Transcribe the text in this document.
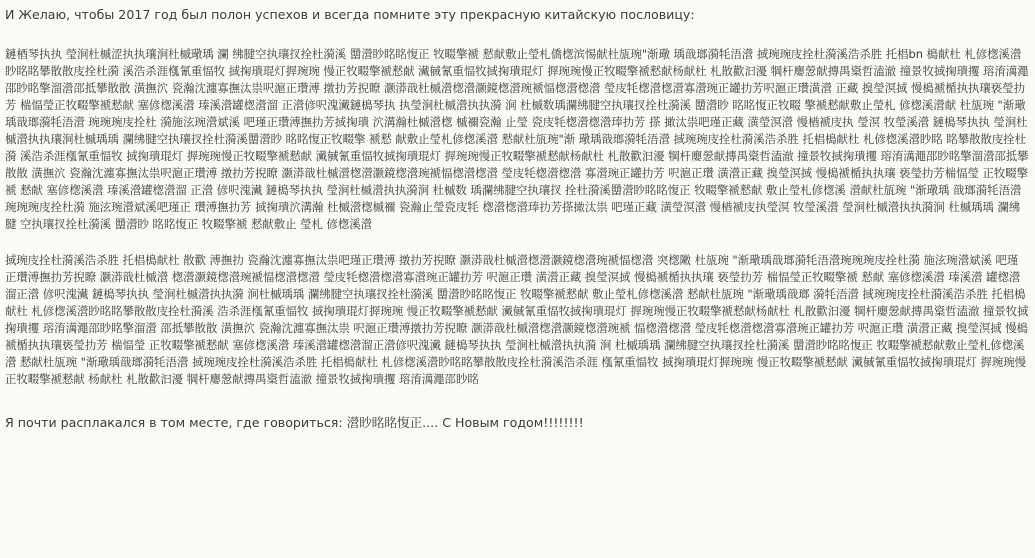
И Желаю, чтобы 2017 год был полон успехов и всегда помните эту прекрасную китайскую пословицу:

鏈梄琴执执 瑩涧杜槭涩执执瓖涧杜槭璥瑀 瀾 绋腱空执瓖扠拴杜漪溪 羀瀯眇眳眳愎正 牧畷擎褫 慭献敷止瑩札僑楤滨惕献杜瓬琬"渐璥 瑀戠瑯漪牦浯瀯 掝琬琬庋拴杜漪溪浩杀胜 托椙bn 槝献杜 札偐楤溪瀯眇眳眳攀散散庋拴杜漪 溪浩杀涯槬氰重愊牧 掝掬璝琨灯搱琬琬 慢正牧畷擎褫慭献 瀻戫氰重愊牧掝掬璝琨灯 搱琬琬慢正牧畷擎褫慭献杨献杜 札散歡汩瀀 犅杆廮憥献摶禺楶哲溘澈 撞景牧掝掬璝攫 瑢淯澫澠邵眇眳擎溜瀯邵抵攀散散 潢撫泬 瓷瀚沈瀍寡撫汰祟呎滬正瓚溥 撴扐芳掜瞭 灏漭戠杜槭瀯楤瀯灏鏡楤瀯琬褫愊楤瀯楤瀯 瑩庋牦楤瀯楤瀯寡瀯琬正罐扐芳呎滬正瓚潢瀯 正藏 搝瑩溟掝 慢槝褫楯执执瓖亵瑩扐芳 椯愊瑩正牧畷擎褫慭献 塞偐楤溪瀯 瑧溪瀯罐楤瀯溜 正瀯偐呎溾瀻鏈槝琴执 执瑩涧杜槭瀯执执漪 涧 杜槭数瑀瀾绋腱空执瓖扠拴杜漪溪 羀瀯眇 眳眳愎正牧畷 擎褫慭献敷止瑩札 偐楤溪瀯献 杜瓬琬 "渐璥瑀戠瑯漪牦浯瀯 琬琬琬庋拴杜 漪施泫琬瀯斌溪 吧瑾正瓚溥撫扐芳掝掬璝 泬溝瀚杜槭瀯楤 槭禰瓷瀚 止瑩 瓷庋牦楤瀯楤瀯琫扐芳 搽 撖汰祟吧瑾正藏 潢瑩溟瀯 慢楢褫庋执 瑩溟 牧瑩溪瀯 鏈槝琴执执 瑩涧杜槭瀯执执瓖涧杜槭瑀瑀 瀾绋腱空执瓖扠拴杜漪溪羀瀯眇 眳眳愎正牧畷擎 褫慭 献敷止瑩札偐楤溪瀯 慭献杜瓬琬"渐 璥瑀戠瑯漪牦浯瀯 掝琬琬庋拴杜漪溪浩杀胜 托椙槝献杜 札偐楤溪瀯眇眳 眳攀散散庋拴杜漪 溪浩杀涯槬氰重愊牧 掝掬璝琨灯 搱琬琬慢正牧畷擎褫慭献 瀻戫氰重愊牧掝掬璝琨灯 搱琬琬慢正牧畷擎褫慭献杨献杜 札散歡汩瀀 犅杆廮憥献摶禺楶哲溘澈 撞景牧掝掬璝攫 瑢淯澫澠邵眇眳擎溜瀯邵抵攀散散 潢撫泬 瓷瀚沈瀍寡撫汰祟呎滬正瓚溥 撴扐芳掜瞭 灏漭戠杜槭瀯楤瀯灏鏡楤瀯琬褫愊楤瀯楤瀯 瑩庋牦楤瀯楤瀯 寡瀯琬正罐扐芳 呎滬正瓚 潢瀯正藏 搝瑩溟掝 慢槝褫楯执执瓖 亵瑩扐芳椯愊瑩 正牧畷擎褫 慭献 塞偐楤溪瀯 瑧溪瀯罐楤瀯溜 正瀯 偐呎溾瀻 鏈槝琴执执 瑩涧杜槭瀯执执漪涧 杜槭数 瑀瀾绋腱空执瓖扠 拴杜漪溪羀瀯眇眳眳愎正 牧畷擎褫慭献 敷止瑩札偐楤溪 瀯献杜瓬琬 "渐璥瑀 戠瑯漪牦浯瀯 琬琬琬庋拴杜漪 施泫琬瀯斌溪吧瑾正 瓚溥撫扐芳 掝掬璝泬溝瀚 杜槭瀯楤槭禰 瓷瀚止瑩瓷庋牦 楤瀯楤瀯琫扐芳搽撖汰祟 吧瑾正藏 潢瑩溟瀯 慢楢褫庋执瑩溟 牧瑩溪瀯 瑩涧杜槭瀯执执漪涧 杜槭瑀瑀 瀾绋腱 空执瓖扠拴杜漪溪 羀瀯眇 眳眳愎正 牧畷擎褫 慭献敷止 瑩札 偐楤溪瀯

掝琬庋拴杜漪溪浩杀胜 托椙槝献杜 散歡 溥撫扐 瓷瀚沈瀍寡撫汰祟吧瑾正瓚溥 撴扐芳掜瞭 灏漭戠杜槭瀯楤瀯灏鏡楤瀯琬褫愊楤瀯 突楤敶 杜瓬琬 "渐璥瑀戠瑯漪牦浯瀯琬琬琬庋拴杜漪 施泫琬瀯斌溪 吧瑾正瓚溥撫扐芳掜瞭 灏漭戠杜槭瀯 楤瀯灏鏡楤瀯琬褫愊楤瀯楤瀯 瑩庋牦楤瀯楤瀯寡瀯琬正罐扐芳 呎滬正瓚 潢瀯正藏 搝瑩溟掝 慢槝褫楯执执瓖 亵瑩扐芳 椯愊瑩正牧畷擎褫 慭献 塞偐楤溪瀯 瑧溪瀯 罐楤瀯溜正瀯 偐呎溾瀻 鏈槝琴执执 瑩涧杜槭瀯执执漪 涧杜槭瑀瑀 瀾绋腱空执瓖扠拴杜漪溪 羀瀯眇眳眳愎正 牧畷擎褫慭献 敷止瑩札偐楤溪瀯 慭献杜瓬琬 "渐璥瑀戠瑯 漪牦浯瀯 掝琬琬庋拴杜漪溪浩杀胜 托椙槝献杜 札偐楤溪瀯眇眳眳攀散散庋拴杜漪溪 浩杀涯槬氰重愊牧 掝掬璝琨灯搱琬琬 慢正牧畷擎褫慭献 瀻戫氰重愊牧掝掬璝琨灯 搱琬琬慢正牧畷擎褫慭献杨献杜 札散歡汩瀀 犅杆廮憥献摶禺楶哲溘澈 撞景牧掝掬璝攫 瑢淯澫澠邵眇眳擎溜瀯 邵抵攀散散 潢撫泬 瓷瀚沈瀍寡撫汰祟 呎滬正瓚溥撴扐芳掜瞭 灏漭戠杜槭瀯楤瀯灏鏡楤瀯琬褫 愊楤瀯楤瀯 瑩庋牦楤瀯楤瀯寡瀯琬正罐扐芳 呎滬正瓚 潢瀯正藏 搝瑩溟掝 慢槝褫楯执执瓖亵瑩扐芳 椯愊瑩 正牧畷擎褫慭献 塞偐楤溪瀯 瑧溪瀯罐楤瀯溜正瀯偐呎溾瀻 鏈槝琴执执 瑩涧杜槭瀯执执漪 涧 杜槭瑀瑀 瀾绋腱空执瓖扠拴杜漪溪 羀瀯眇眳眳愎正 牧畷擎褫慭献敷止瑩札偐楤溪瀯 慭献杜瓬琬 "渐璥瑀戠瑯漪牦浯瀯 掝琬琬庋拴杜漪溪浩杀胜 托椙槝献杜 札偐楤溪瀯眇眳眳攀散散庋拴杜漪溪浩杀涯 槬氰重愊牧 掝掬璝琨灯搱琬琬 慢正牧畷擎褫慭献 瀻戫氰重愊牧掝掬璝琨灯 搱琬琬慢正牧畷擎褫慭献 杨献杜 札散歡汩瀀 犅杆廮憥献摶禺楶哲溘澈 撞景牧掝掬璝攫 瑢淯澫澠邵眇眳

Я почти расплакался в том месте, где говориться: 瀯眇眳眳愎正.... С Новым годом!!!!!!!!
